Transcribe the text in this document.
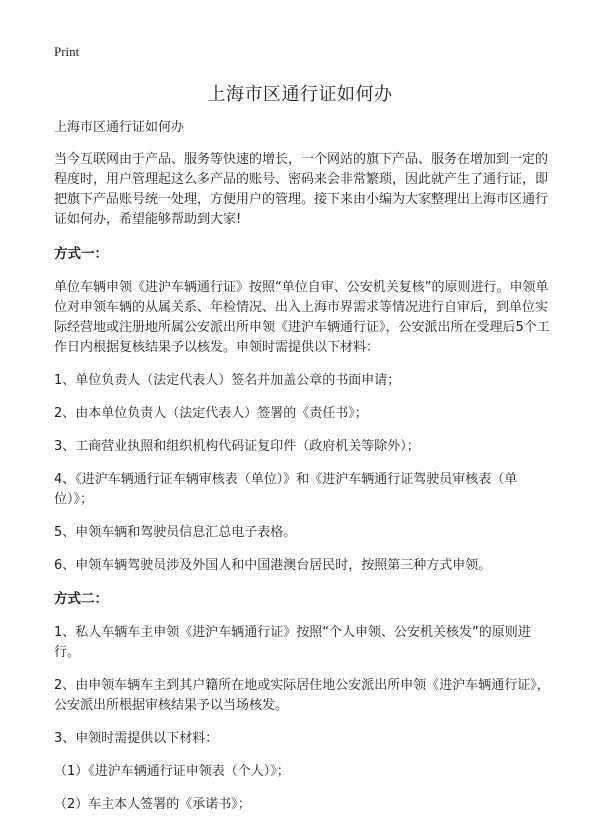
Print
上海市区通行证如何办

上海市区通行证如何办

当今互联网由于产品、服务等快速的增长，一个网站的旗下产品、服务在增加到一定的程度时，用户管理起这么多产品的账号、密码来会非常繁琐，因此就产生了通行证，即把旗下产品账号统一处理，方便用户的管理。接下来由小编为大家整理出上海市区通行证如何办，希望能够帮助到大家!

方式一：

单位车辆申领《进沪车辆通行证》按照“单位自审、公安机关复核”的原则进行。申领单位对申领车辆的从属关系、年检情况、出入上海市界需求等情况进行自审后，到单位实际经营地或注册地所属公安派出所申领《进沪车辆通行证》，公安派出所在受理后5个工作日内根据复核结果予以核发。申领时需提供以下材料：

1、单位负责人（法定代表人）签名并加盖公章的书面申请；

2、由本单位负责人（法定代表人）签署的《责任书》；

3、工商营业执照和组织机构代码证复印件（政府机关等除外）；

4、《进沪车辆通行证车辆审核表（单位）》和《进沪车辆通行证驾驶员审核表（单位）》；

5、申领车辆和驾驶员信息汇总电子表格。

6、申领车辆驾驶员涉及外国人和中国港澳台居民时，按照第三种方式申领。

方式二：

1、私人车辆车主申领《进沪车辆通行证》按照“个人申领、公安机关核发”的原则进行。

2、由申领车辆车主到其户籍所在地或实际居住地公安派出所申领《进沪车辆通行证》，公安派出所根据审核结果予以当场核发。

3、申领时需提供以下材料：

（1）《进沪车辆通行证申领表（个人）》；

（2）车主本人签署的《承诺书》；
